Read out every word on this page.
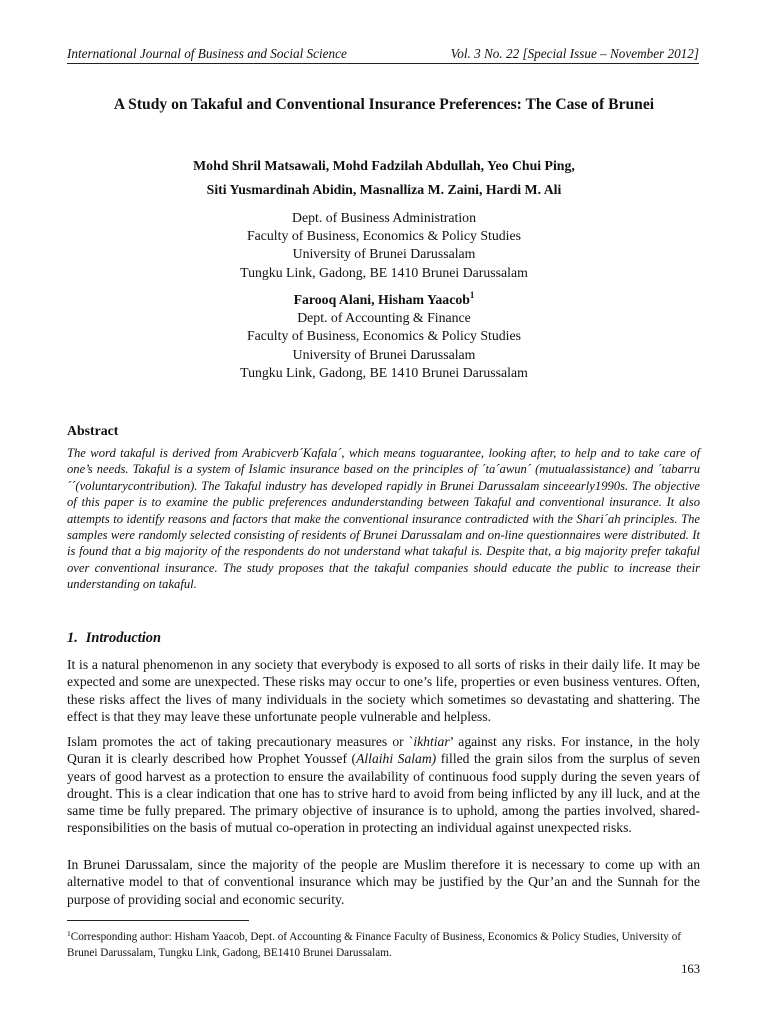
International Journal of Business and Social Science	Vol. 3 No. 22 [Special Issue – November 2012]
A Study on Takaful and Conventional Insurance Preferences: The Case of Brunei
Mohd Shril Matsawali, Mohd Fadzilah Abdullah, Yeo Chui Ping,
Siti Yusmardinah Abidin, Masnalliza M. Zaini, Hardi M. Ali
Dept. of Business Administration
Faculty of Business, Economics & Policy Studies
University of Brunei Darussalam
Tungku Link, Gadong, BE 1410 Brunei Darussalam
Farooq Alani, Hisham Yaacob$^1$
Dept. of Accounting & Finance
Faculty of Business, Economics & Policy Studies
University of Brunei Darussalam
Tungku Link, Gadong, BE 1410 Brunei Darussalam
Abstract

The word takaful is derived from Arabicverb´Kafala´, which means toguarantee, looking after, to help and to take care of one’s needs. Takaful is a system of Islamic insurance based on the principles of ´ta´awun´ (mutualassistance) and ´tabarru´´(voluntarycontribution). The Takaful industry has developed rapidly in Brunei Darussalam sinceearly1990s. The objective of this paper is to examine the public preferences andunderstanding between Takaful and conventional insurance. It also attempts to identify reasons and factors that make the conventional insurance contradicted with the Shari´ah principles. The samples were randomly selected consisting of residents of Brunei Darussalam and on-line questionnaires were distributed. It is found that a big majority of the respondents do not understand what takaful is. Despite that, a big majority prefer takaful over conventional insurance. The study proposes that the takaful companies should educate the public to increase their understanding on takaful.

1. Introduction

It is a natural phenomenon in any society that everybody is exposed to all sorts of risks in their daily life. It may be expected and some are unexpected. These risks may occur to one’s life, properties or even business ventures. Often, these risks affect the lives of many individuals in the society which sometimes so devastating and shattering. The effect is that they may leave these unfortunate people vulnerable and helpless.

Islam promotes the act of taking precautionary measures or `ikhtiar’ against any risks. For instance, in the holy Quran it is clearly described how Prophet Youssef (Allaihi Salam) filled the grain silos from the surplus of seven years of good harvest as a protection to ensure the availability of continuous food supply during the seven years of drought. This is a clear indication that one has to strive hard to avoid from being inflicted by any ill luck, and at the same time be fully prepared. The primary objective of insurance is to uphold, among the parties involved, shared-responsibilities on the basis of mutual co-operation in protecting an individual against unexpected risks.

In Brunei Darussalam, since the majority of the people are Muslim therefore it is necessary to come up with an alternative model to that of conventional insurance which may be justified by the Qur’an and the Sunnah for the purpose of providing social and economic security.

$^1$Corresponding author: Hisham Yaacob, Dept. of Accounting & Finance Faculty of Business, Economics & Policy Studies, University of Brunei Darussalam, Tungku Link, Gadong, BE1410 Brunei Darussalam.

163
